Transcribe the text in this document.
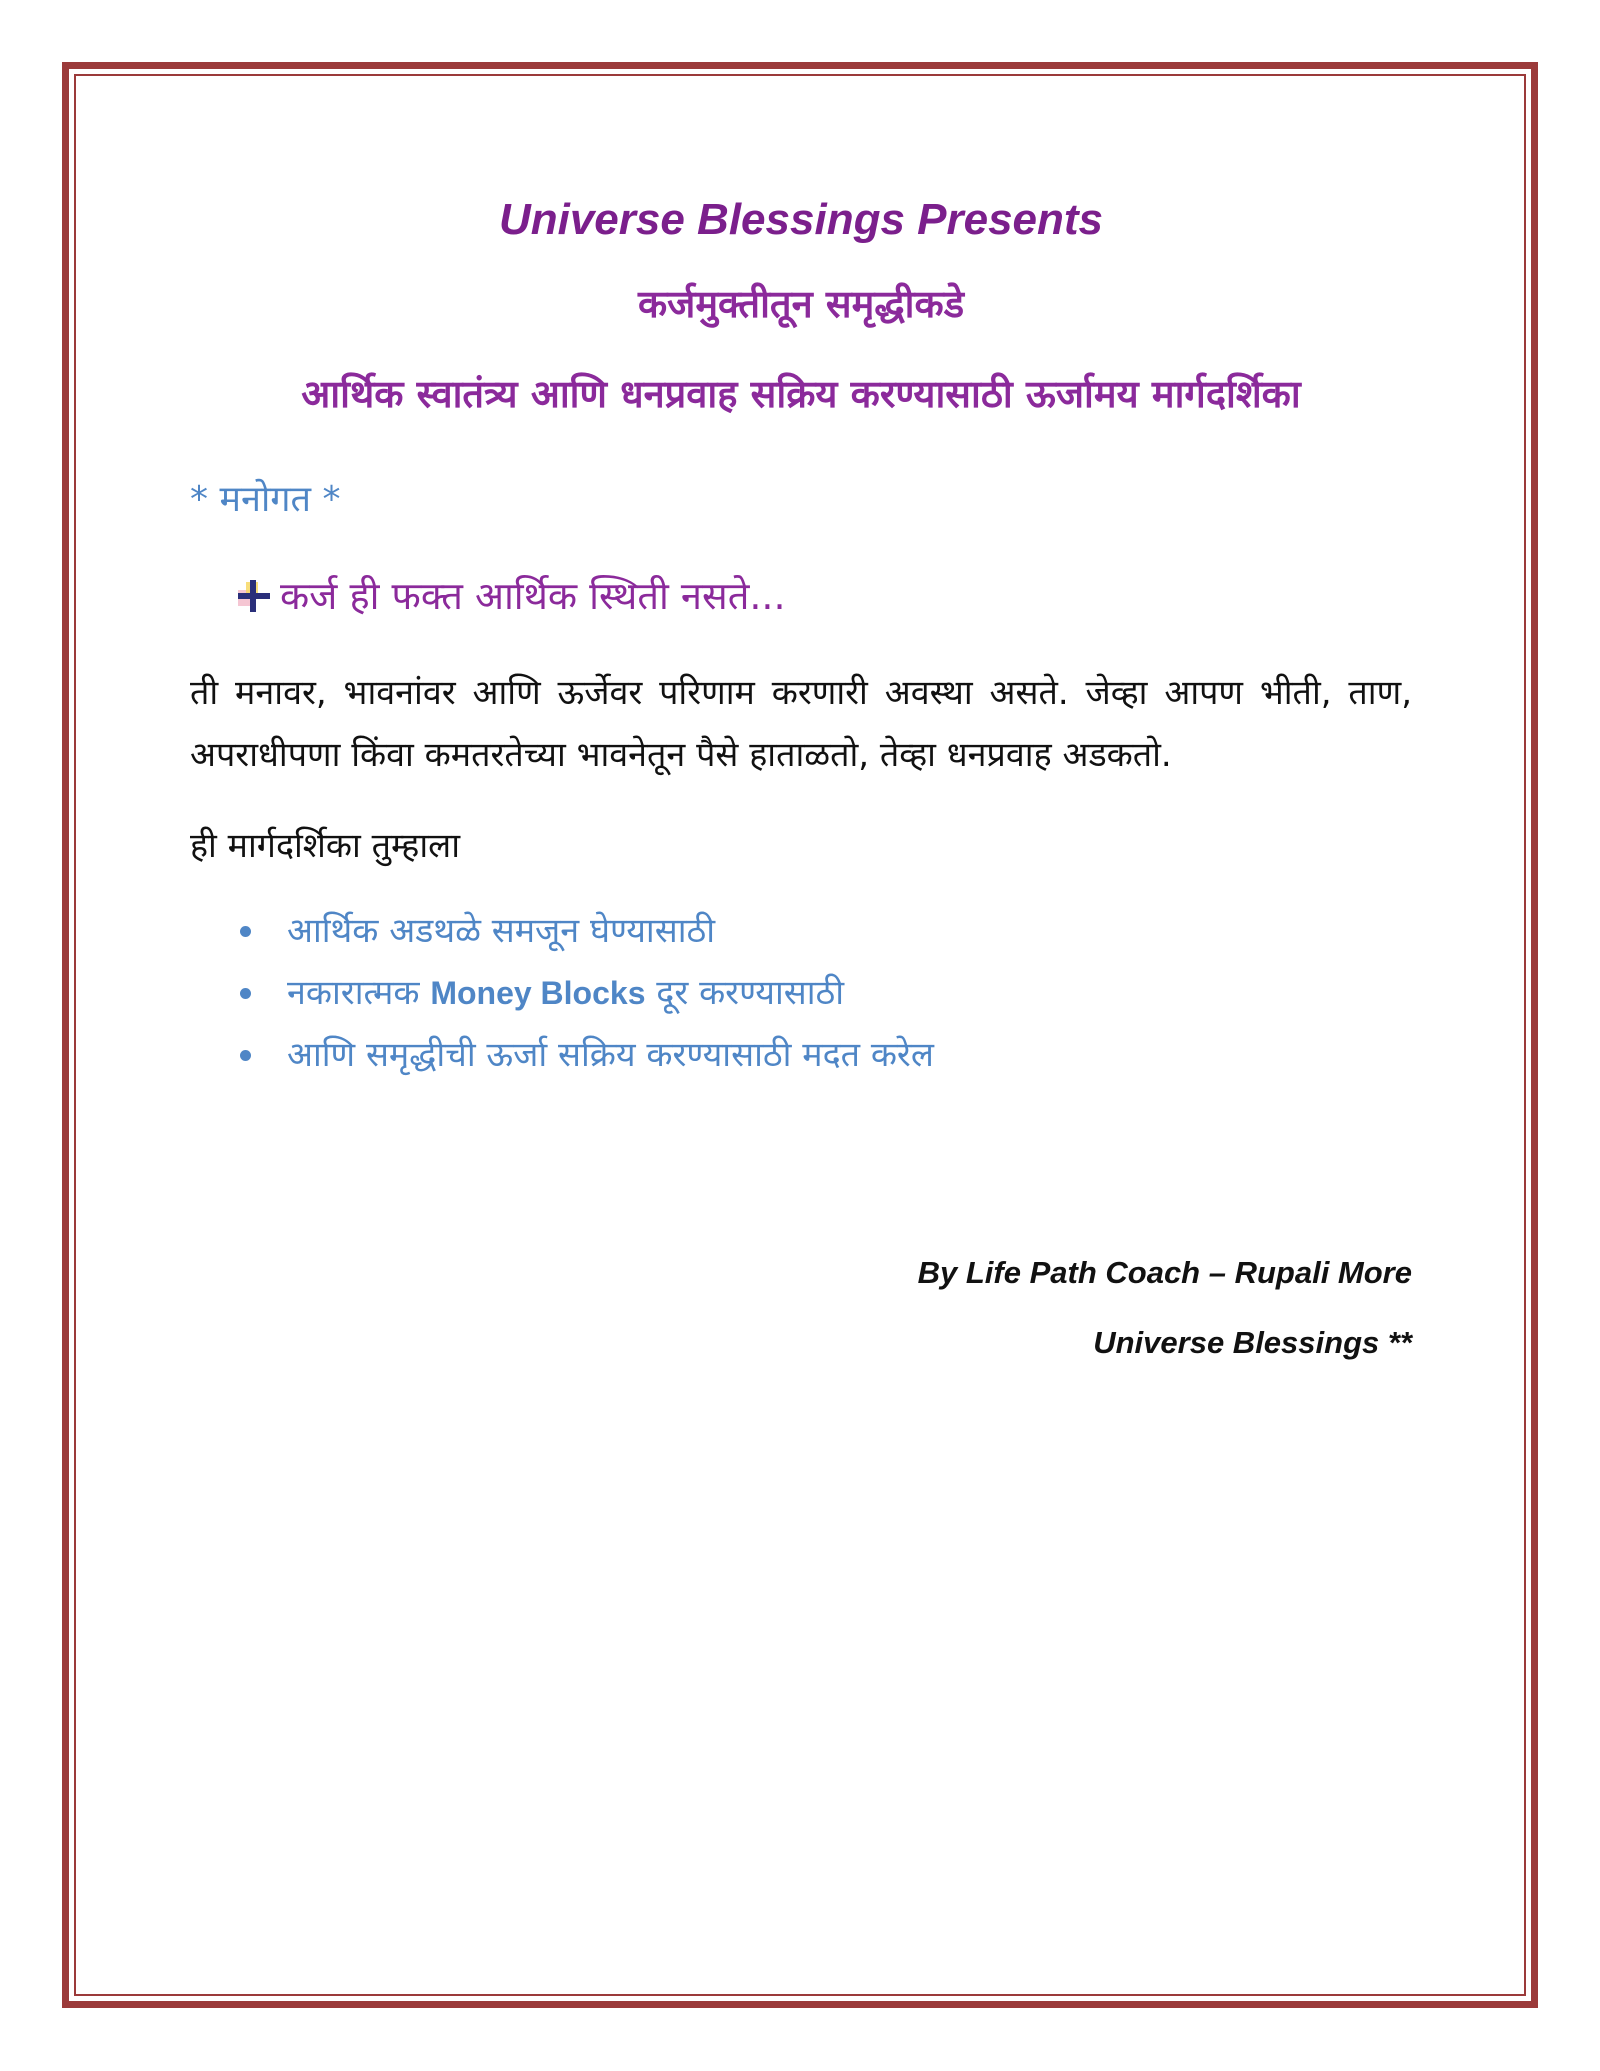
Universe Blessings Presents
कर्जमुक्तीतून समृद्धीकडे
आर्थिक स्वातंत्र्य आणि धनप्रवाह सक्रिय करण्यासाठी ऊर्जामय मार्गदर्शिका
* मनोगत *
कर्ज ही फक्त आर्थिक स्थिती नसते...

ती मनावर, भावनांवर आणि ऊर्जेवर परिणाम करणारी अवस्था असते. जेव्हा आपण भीती, ताण, अपराधीपणा किंवा कमतरतेच्या भावनेतून पैसे हाताळतो, तेव्हा धनप्रवाह अडकतो.

ही मार्गदर्शिका तुम्हाला

आर्थिक अडथळे समजून घेण्यासाठी
नकारात्मक Money Blocks दूर करण्यासाठी
आणि समृद्धीची ऊर्जा सक्रिय करण्यासाठी मदत करेल

By Life Path Coach – Rupali More

Universe Blessings **
